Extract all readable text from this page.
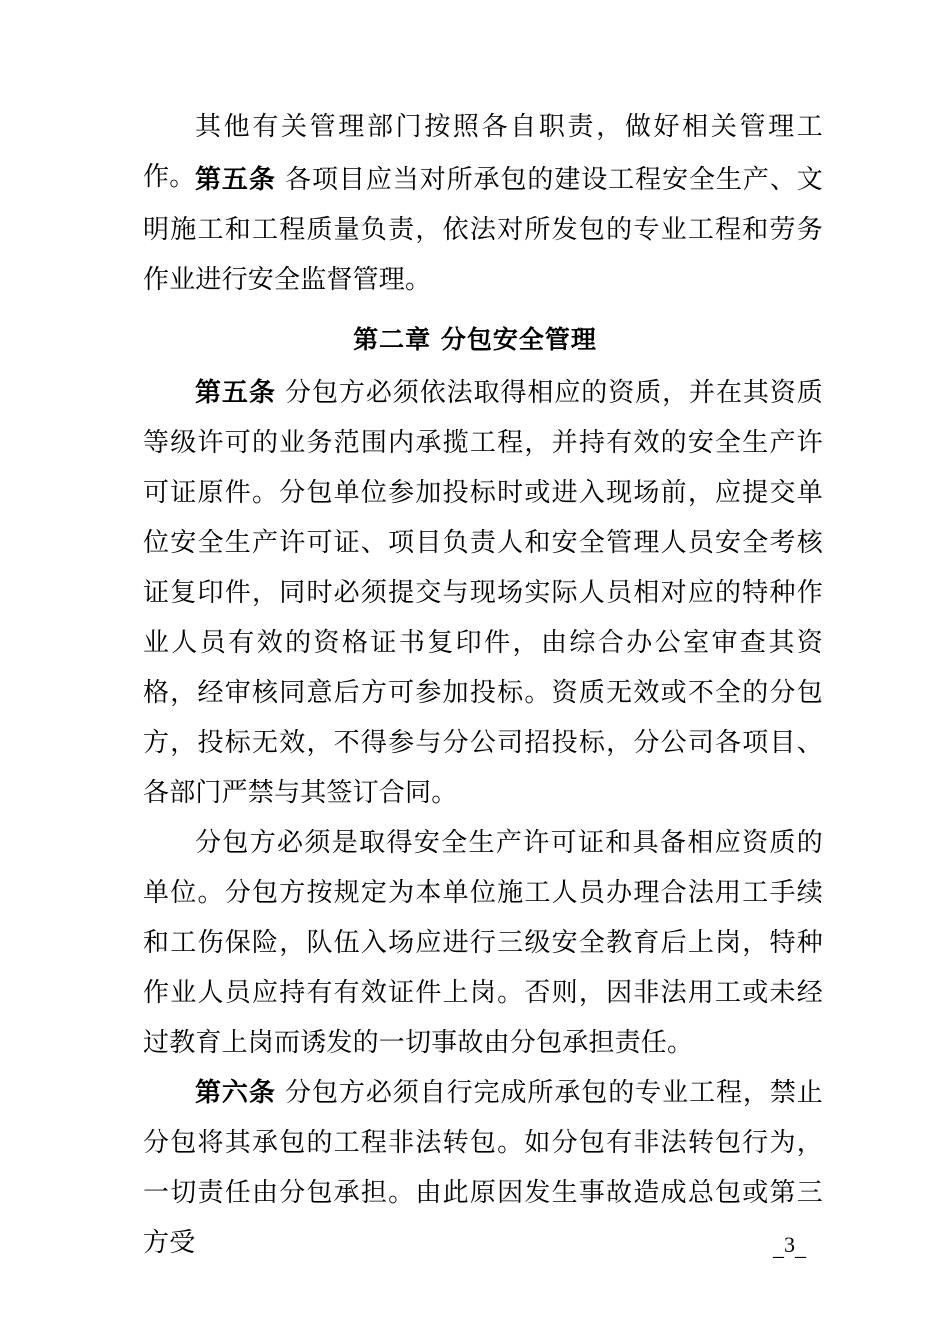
其他有关管理部门按照各自职责，做好相关管理工作。 第五条 各项目应当对所承包的建设工程安全生产、文明施工和工程质量负责，依法对所发包的专业工程和劳务作业进行安全监督管理。

第二章 分包安全管理

第五条 分包方必须依法取得相应的资质，并在其资质等级许可的业务范围内承揽工程，并持有效的安全生产许可证原件。分包单位参加投标时或进入现场前，应提交单位安全生产许可证、项目负责人和安全管理人员安全考核证复印件，同时必须提交与现场实际人员相对应的特种作业人员有效的资格证书复印件，由综合办公室审查其资格，经审核同意后方可参加投标。资质无效或不全的分包方，投标无效，不得参与分公司招投标，分公司各项目、各部门严禁与其签订合同。

分包方必须是取得安全生产许可证和具备相应资质的单位。分包方按规定为本单位施工人员办理合法用工手续和工伤保险，队伍入场应进行三级安全教育后上岗，特种作业人员应持有有效证件上岗。否则，因非法用工或未经过教育上岗而诱发的一切事故由分包承担责任。

第六条 分包方必须自行完成所承包的专业工程，禁止分包将其承包的工程非法转包。如分包有非法转包行为，一切责任由分包承担。由此原因发生事故造成总包或第三方受	_3_
